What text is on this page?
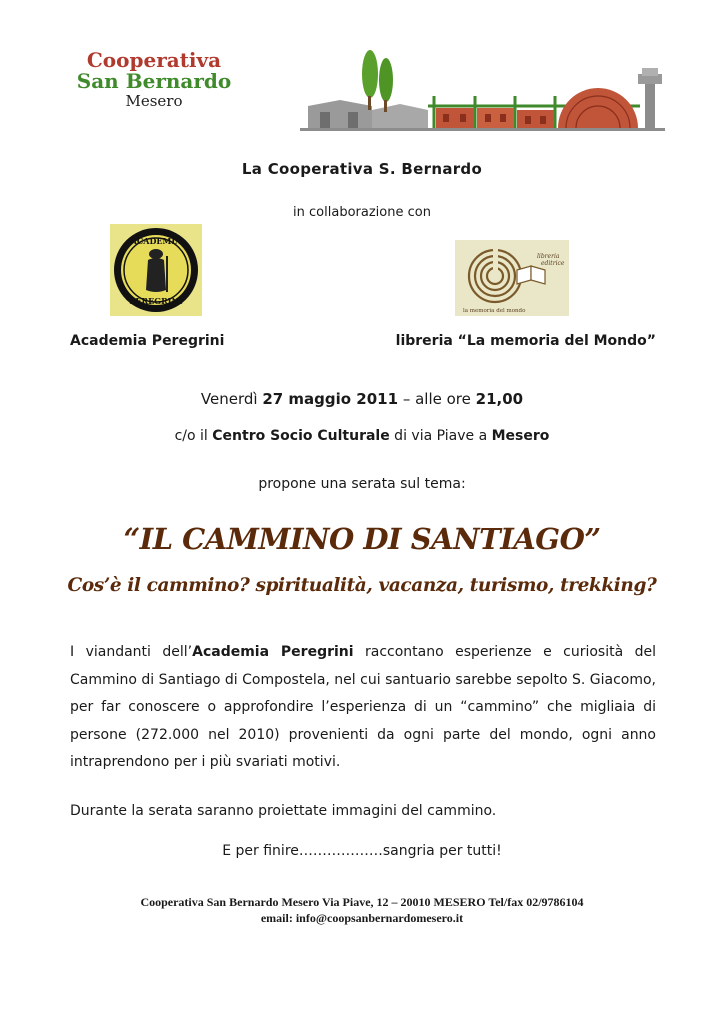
Cooperativa
San Bernardo
Mesero
La Cooperativa S. Bernardo
in collaborazione con
ACADEMIA
PEREGRINI
libreria
editrice
la memoria del mondo
Academia Peregrini	libreria “La memoria del Mondo”
Venerdì 27 maggio 2011 – alle ore 21,00
c/o il Centro Socio Culturale di via Piave a Mesero
propone una serata sul tema:
“IL CAMMINO DI SANTIAGO”
Cos’è il cammino? spiritualità, vacanza, turismo, trekking?
I viandanti dell’Academia Peregrini raccontano esperienze e curiosità del Cammino di Santiago di Compostela, nel cui santuario sarebbe sepolto S. Giacomo, per far conoscere o approfondire l’esperienza di un “cammino” che migliaia di persone (272.000 nel 2010) provenienti da ogni parte del mondo, ogni anno intraprendono per i più svariati motivi.
Durante la serata saranno proiettate immagini del cammino.
E per finire………………sangria per tutti!
Cooperativa San Bernardo Mesero Via Piave, 12 – 20010 MESERO Tel/fax 02/9786104
email: info@coopsanbernardomesero.it
